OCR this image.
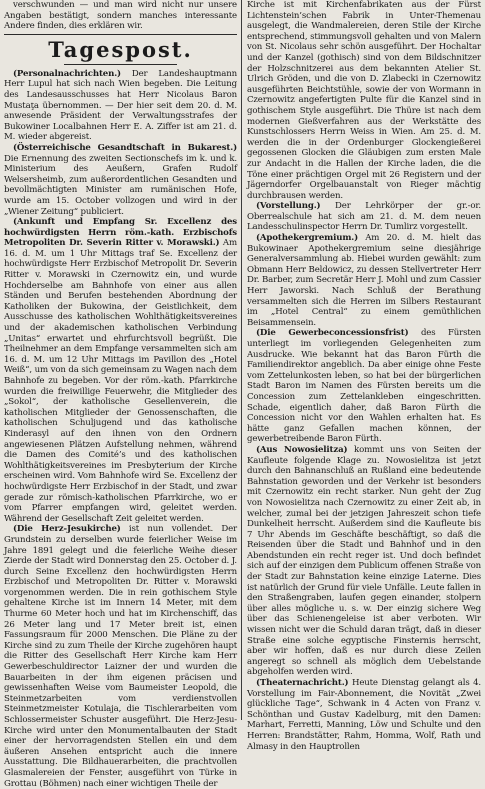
verschwunden — und man wird nicht nur unsere Angaben bestätigt, sondern manches interessante Andere finden, dies erklären wir.

Tagespost.

(Personalnachrichten.) Der Landeshauptmann Herr Lupul hat sich nach Wien begeben. Die Leitung des Landesausschusses hat Herr Nicolaus Baron Mustaţa übernommen. — Der hier seit dem 20. d. M. anwesende Präsident der Verwaltungsstrafes der Bukowiner Localbahnen Herr E. A. Ziffer ist am 21. d. M. wieder abgereist.

(Österreichische Gesandtschaft in Bukarest.) Die Ernennung des zweiten Sectionschefs im k. und k. Ministerium des Aeußern, Grafen Rudolf Welsersheimb, zum außerordentlichen Gesandten und bevollmächtigten Minister am rumänischen Hofe, wurde am 15. October vollzogen und wird in der „Wiener Zeitung“ publiciert.

(Ankunft und Empfang Sr. Excellenz des hochwürdigsten Herrn röm.-kath. Erzbischofs Metropoliten Dr. Severin Ritter v. Morawski.) Am 16. d. M. um 1 Uhr Mittags traf Se. Excellenz der hochwürdigste Herr Erzbischof Metropolit Dr. Severin Ritter v. Morawski in Czernowitz ein, und wurde Hochderselbe am Bahnhofe von einer aus allen Ständen und Berufen bestehenden Abordnung der Katholiken der Bukowina, der Geistlichkeit, dem Ausschusse des katholischen Wohlthätigkeitsvereines und der akademischen katholischen Verbindung „Unitas“ erwartet und ehrfurchtsvoll begrüßt. Die Theilnehmer an dem Empfange versammelten sich am 16. d. M. um 12 Uhr Mittags im Pavillon des „Hotel Weiß“, um von da sich gemeinsam zu Wagen nach dem Bahnhofe zu begeben. Vor der röm.-kath. Pfarrkirche wurden die freiwillige Feuerwehr, die Mitglieder des „Sokol“, der katholische Gesellenverein, die katholischen Mitglieder der Genossenschaften, die katholischen Schuljugend und das katholische Kinderasyl auf den ihnen von den Ordnern angewiesenen Plätzen Aufstellung nehmen, während die Damen des Comité’s und des katholischen Wohlthätigkeitsvereines im Presbyterium der Kirche erscheinen wird. Vom Bahnhofe wird Se. Excellenz der hochwürdigste Herr Erzbischof in der Stadt, und zwar gerade zur römisch-katholischen Pfarrkirche, wo er vom Pfarrer empfangen wird, geleitet werden. Während der Gesellschaft Zeit geleitet werden.

(Die Herz-Jesukirche) ist nun vollendet. Der Grundstein zu derselben wurde feierlicher Weise im Jahre 1891 gelegt und die feierliche Weihe dieser Zierde der Stadt wird Donnerstag den 25. October d. J. durch Seine Excellenz den hochwürdigsten Herrn Erzbischof und Metropoliten Dr. Ritter v. Morawski vorgenommen werden. Die in rein gothischem Style gehaltene Kirche ist im Innern 14 Meter, mit dem Thurme 60 Meter hoch und hat im Kirchenschiff, das 26 Meter lang und 17 Meter breit ist, einen Fassungsraum für 2000 Menschen. Die Pläne zu der Kirche sind zu zum Theile der Kirche zugehören haupt die Ritter des Gesellschaft Herr Kirche kam Herr Gewerbeschuldirector Laizner der und wurden die Bauarbeiten in der ihm eigenen präcisen und gewissenhaften Weise vom Baumeister Leopold, die Steinmetzarbeiten vom verdienstvollen Steinmetzmeister Kotulaja, die Tischlerarbeiten vom Schlossermeister Schuster ausgeführt. Die Herz-Jesu-Kirche wird unter den Monumentalbauten der Stadt einer der hervorragendsten Stellen ein und dem äußeren Ansehen entspricht auch die innere Ausstattung. Die Bildhauerarbeiten, die prachtvollen Glasmalereien der Fenster, ausgeführt von Türke in Grottau (Böhmen) nach einer wichtigen Theile der

Kirche ist mit Kirchenfabrikaten aus der Fürst Lichtenstein’schen Fabrik in Unter-Themenau ausgelegt, die Wandmalereien, deren Stile der Kirche entsprechend, stimmungsvoll gehalten und von Malern von St. Nicolaus sehr schön ausgeführt. Der Hochaltar und der Kanzel (gothisch) sind von dem Bildschnitzer der Holzschnitzerei aus dem bekannten Atelier St. Ulrich Gröden, und die von D. Zlabecki in Czernowitz ausgeführten Beichtstühle, sowie der von Wormann in Czernowitz angefertigten Pulte für die Kanzel sind in gothischem Style ausgeführt. Die Thüre ist nach dem modernen Gießverfahren aus der Werkstätte des Kunstschlossers Herrn Weiss in Wien. Am 25. d. M. werden die in der Ordenburger Glockengießerei gegossenen Glocken die Gläubigen zum ersten Male zur Andacht in die Hallen der Kirche laden, die die Töne einer prächtigen Orgel mit 26 Registern und der Jägerndorfer Orgelbauanstalt von Rieger mächtig durchbrausen werden.

(Vorstellung.) Der Lehrkörper der gr.-or. Oberrealschule hat sich am 21. d. M. dem neuen Landesschulinspector Herrn Dr. Tumlirz vorgestellt.

(Apothekergremium.) Am 20. d. M. hielt das Bukowinaer Apothekergremium seine diesjährige Generalversammlung ab. Hiebei wurden gewählt: zum Obmann Herr Beldowicz, zu dessen Stellvertreter Herr Dr. Barber, zum Secretär Herr J. Mohl und zum Cassier Herr Jaworski. Nach Schluß der Berathung versammelten sich die Herren im Silbers Restaurant im „Hotel Central“ zu einem gemüthlichen Beisammensein.

(Die Gewerbeconcessionsfrist) des Fürsten unterliegt im vorliegenden Gelegenheiten zum Ausdrucke. Wie bekannt hat das Baron Fürth die Familiendirektor angeblich. Da aber einige ohne Feste vom Zettelunkosten leben, so hat bei der bürgerlichen Stadt Baron im Namen des Fürsten bereits um die Concession zum Zettelankleben eingeschritten. Schade, eigentlich daher, daß Baron Fürth die Concession nicht vor den Wahlen erhalten hat. Es hätte ganz Gefallen machen können, der gewerbetreibende Baron Fürth.

(Aus Nowosielitza) kommt uns von Seiten der Kaufleute folgende Klage zu. Nowosielitza ist jetzt durch den Bahnanschluß an Rußland eine bedeutende Bahnstation geworden und der Verkehr ist besonders mit Czernowitz ein recht starker. Nun geht der Zug von Nowosielitza nach Czernowitz zu einer Zeit ab, in welcher, zumal bei der jetzigen Jahreszeit schon tiefe Dunkelheit herrscht. Außerdem sind die Kaufleute bis 7 Uhr Abends im Geschäfte beschäftigt, so daß die Reisenden über die Stadt und Bahnhof und in den Abendstunden ein recht reger ist. Und doch befindet sich auf der einzigen dem Publicum offenen Straße von der Stadt zur Bahnstation keine einzige Laterne. Dies ist natürlich der Grund für viele Unfälle. Leute fallen in den Straßengraben, laufen gegen einander, stolpern über alles mögliche u. s. w. Der einzig sichere Weg über das Schienengeleise ist aber verboten. Wir wissen nicht wer die Schuld daran trägt, daß in dieser Straße eine solche egyptische Finsternis herrscht, aber wir hoffen, daß es nur durch diese Zeilen angeregt so schnell als möglich dem Uebelstande abgeholfen werden wird.

(Theaternachricht.) Heute Dienstag gelangt als 4. Vorstellung im Fair-Abonnement, die Novität „Zwei glückliche Tage“, Schwank in 4 Acten von Franz v. Schönthan und Gustav Kadelburg, mit den Damen: Marhart, Ferretti, Manning, Löw und Schulte und den Herren: Brandstätter, Rahm, Homma, Wolf, Rath und Almasy in den Hauptrollen
